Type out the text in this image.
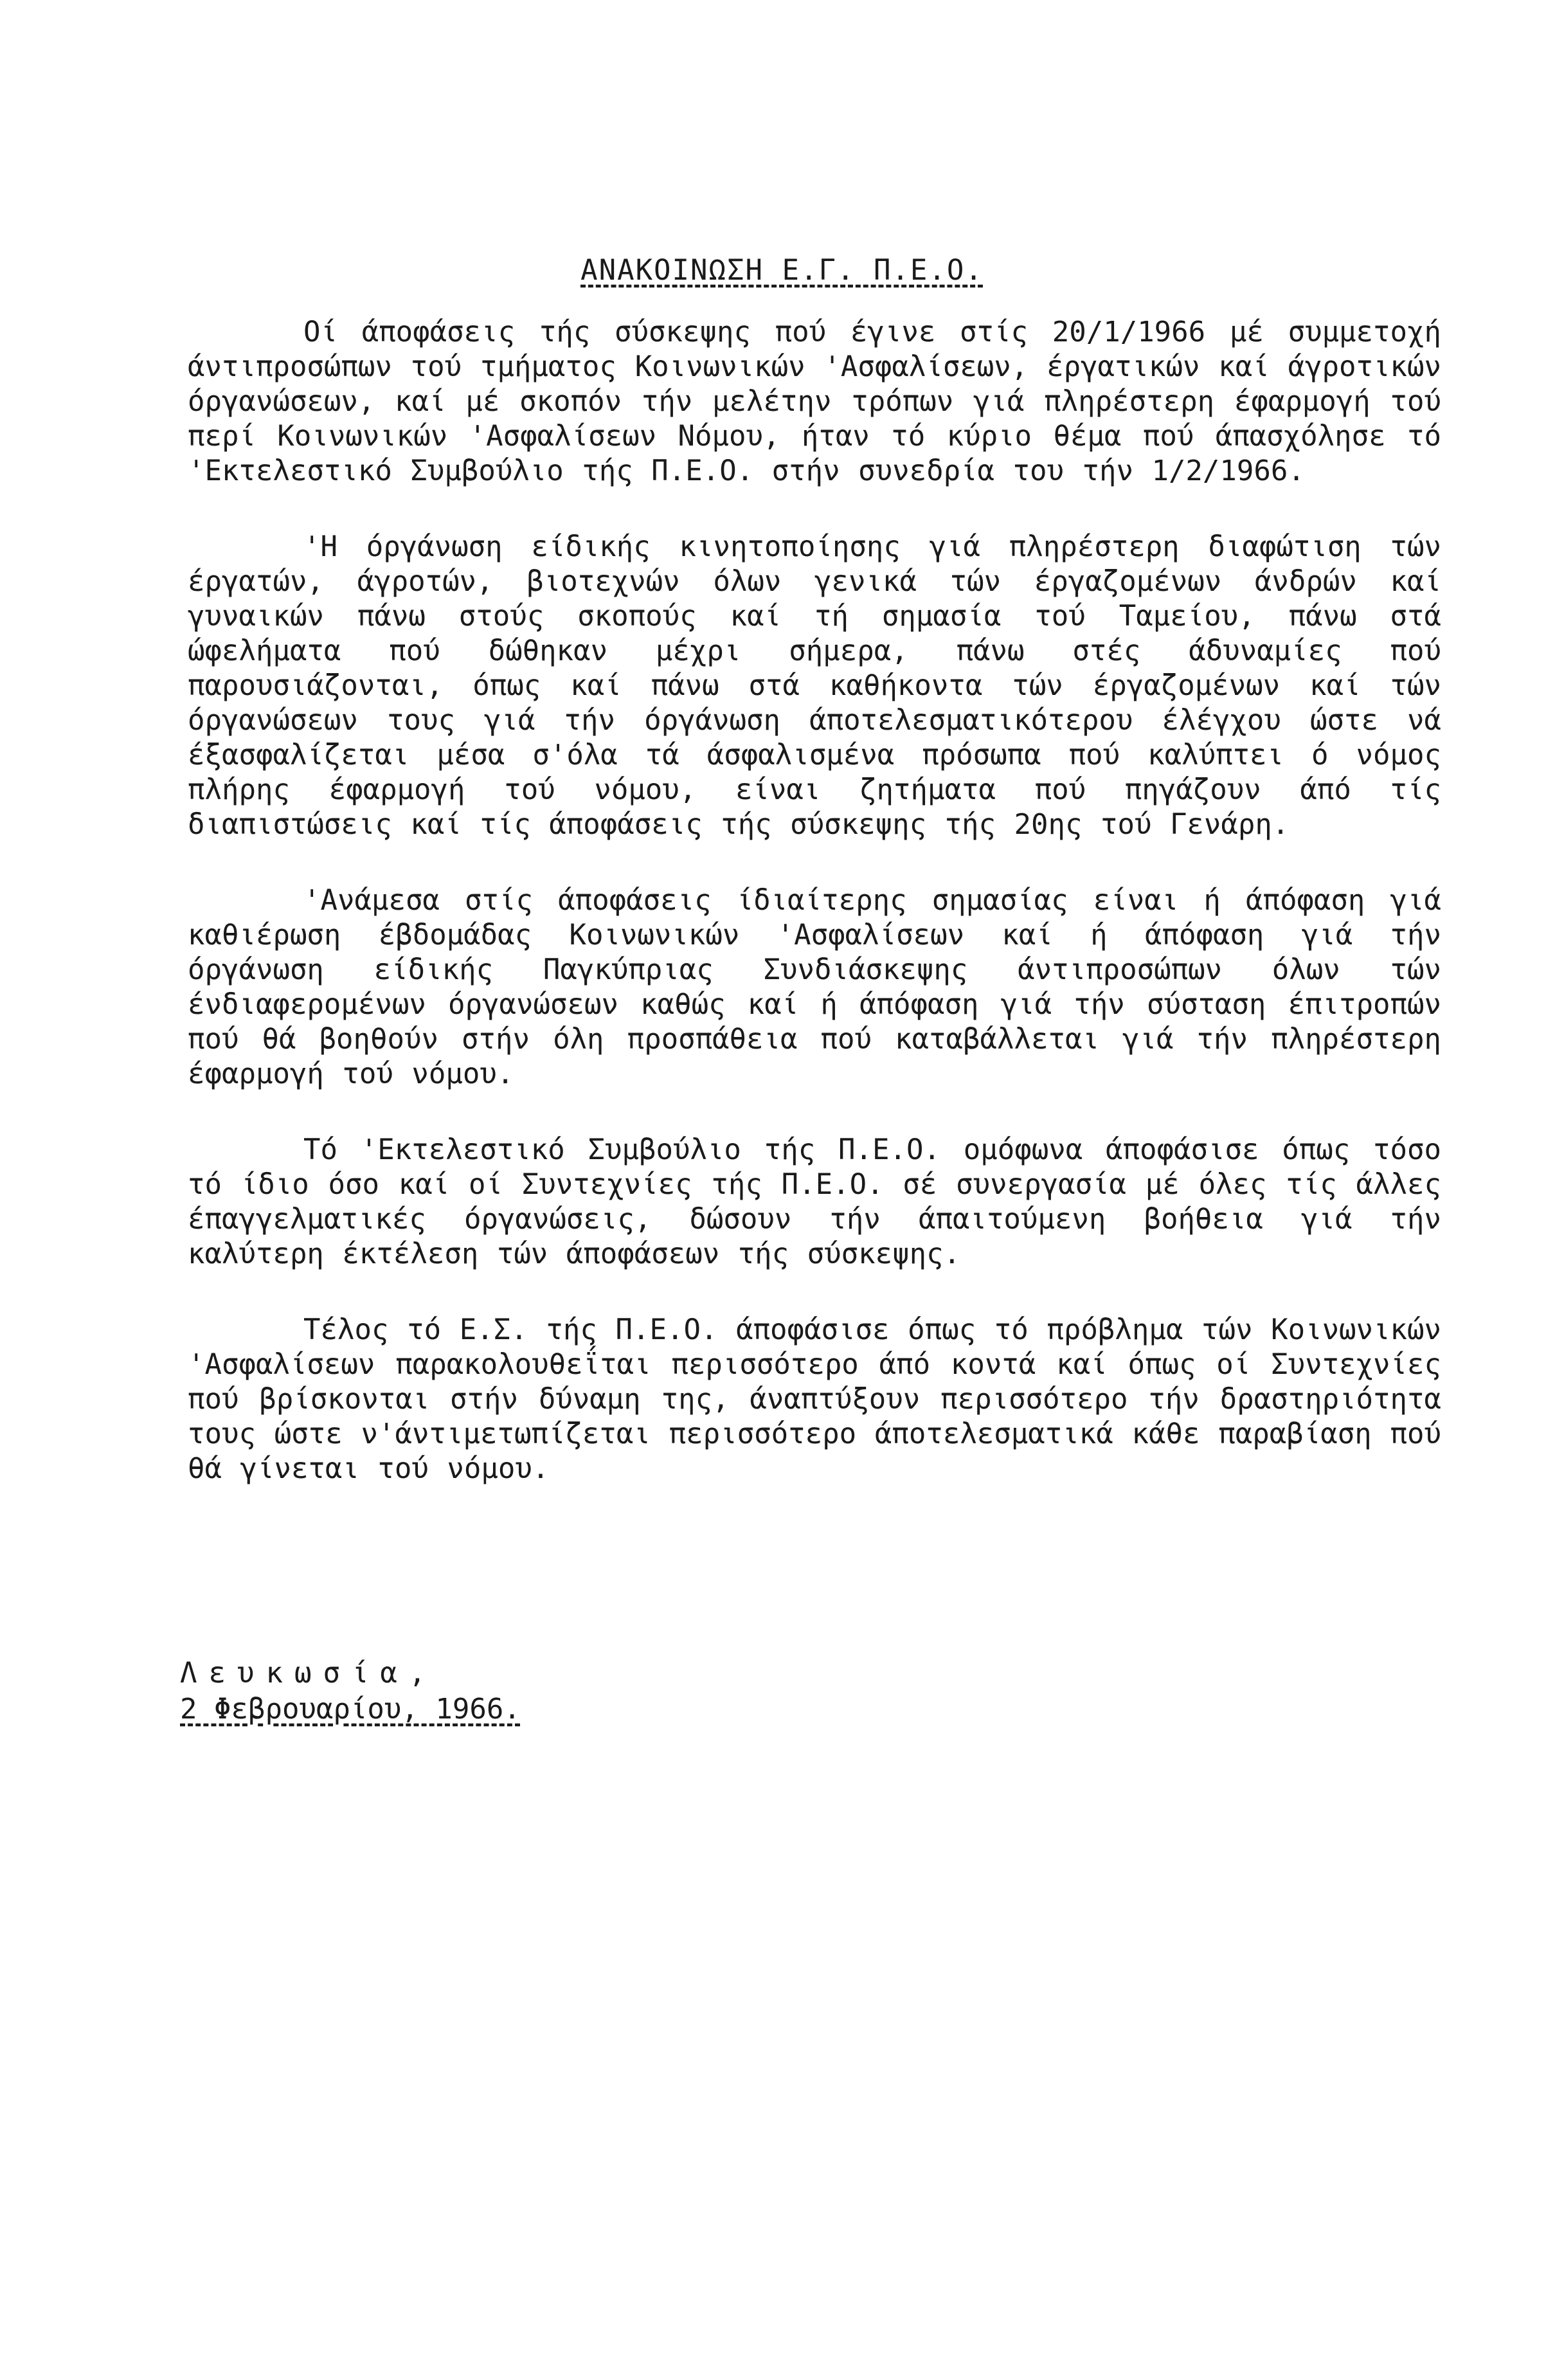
ΑΝΑΚΟΙΝΩΣΗ Ε.Γ. Π.Ε.Ο.

Οί άποφάσεις τής σύσκεψης πού έγινε στίς 20/1/1966 μέ συμμετοχή άντιπροσώπων τού τμήματος Κοινωνικών 'Ασφαλίσεων, έργατικών καί άγροτικών όργανώσεων, καί μέ σκοπόν τήν μελέτην τρόπων γιά πληρέστερη έφαρμογή τού περί Κοινωνικών 'Ασφαλίσεων Νόμου, ήταν τό κύριο θέμα πού άπασχόλησε τό 'Εκτελεστικό Συμβούλιο τής Π.Ε.Ο. στήν συνεδρία του τήν 1/2/1966.

'Η όργάνωση είδικής κινητοποίησης γιά πληρέστερη διαφώτιση τών έργατών, άγροτών, βιοτεχνών όλων γενικά τών έργαζομένων άνδρών καί γυναικών πάνω στούς σκοπούς καί τή σημασία τού Ταμείου, πάνω στά ώφελήματα πού δώθηκαν μέχρι σήμερα, πάνω στές άδυναμίες πού παρουσιάζονται, όπως καί πάνω στά καθήκοντα τών έργαζομένων καί τών όργανώσεων τους γιά τήν όργάνωση άποτελεσματικότερου έλέγχου ώστε νά έξασφαλίζεται μέσα σ'όλα τά άσφαλισμένα πρόσωπα πού καλύπτει ό νόμος πλήρης έφαρμογή τού νόμου, είναι ζητήματα πού πηγάζουν άπό τίς διαπιστώσεις καί τίς άποφάσεις τής σύσκεψης τής 20ης τού Γενάρη.

'Ανάμεσα στίς άποφάσεις ίδιαίτερης σημασίας είναι ή άπόφαση γιά καθιέρωση έβδομάδας Κοινωνικών 'Ασφαλίσεων καί ή άπόφαση γιά τήν όργάνωση είδικής Παγκύπριας Συνδιάσκεψης άντιπροσώπων όλων τών ένδιαφερομένων όργανώσεων καθώς καί ή άπόφαση γιά τήν σύσταση έπιτροπών πού θά βοηθούν στήν όλη προσπάθεια πού καταβάλλεται γιά τήν πληρέστερη έφαρμογή τού νόμου.

Τό 'Εκτελεστικό Συμβούλιο τής Π.Ε.Ο. ομόφωνα άποφάσισε όπως τόσο τό ίδιο όσο καί οί Συντεχνίες τής Π.Ε.Ο. σέ συνεργασία μέ όλες τίς άλλες έπαγγελματικές όργανώσεις, δώσουν τήν άπαιτούμενη βοήθεια γιά τήν καλύτερη έκτέλεση τών άποφάσεων τής σύσκεψης.

Τέλος τό Ε.Σ. τής Π.Ε.Ο. άποφάσισε όπως τό πρόβλημα τών Κοινωνικών 'Ασφαλίσεων παρακολουθεΐται περισσότερο άπό κοντά καί όπως οί Συντεχνίες πού βρίσκονται στήν δύναμη της, άναπτύξουν περισσότερο τήν δραστηριότητα τους ώστε ν'άντιμετωπίζεται περισσότερο άποτελεσματικά κάθε παραβίαση πού θά γίνεται τού νόμου.

Λευκωσία,
2 Φεβρουαρίου, 1966.
